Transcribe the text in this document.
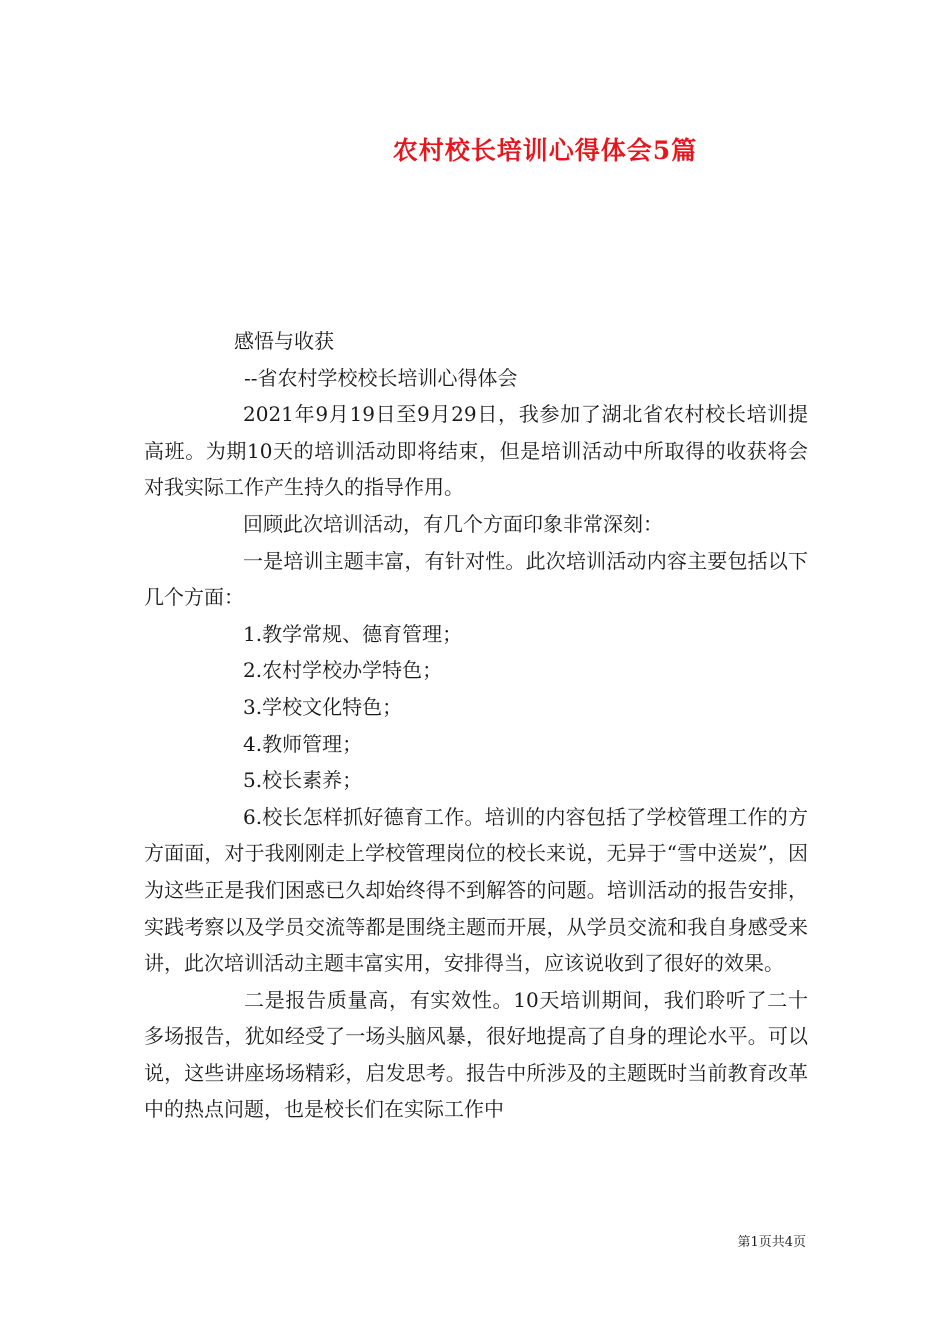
农村校长培训心得体会5篇

感悟与收获

--省农村学校校长培训心得体会

2021年9月19日至9月29日，我参加了湖北省农村校长培训提高班。为期10天的培训活动即将结束，但是培训活动中所取得的收获将会对我实际工作产生持久的指导作用。

回顾此次培训活动，有几个方面印象非常深刻：

一是培训主题丰富，有针对性。此次培训活动内容主要包括以下几个方面：

1.教学常规、德育管理；

2.农村学校办学特色；

3.学校文化特色；

4.教师管理；

5.校长素养；

6.校长怎样抓好德育工作。培训的内容包括了学校管理工作的方方面面，对于我刚刚走上学校管理岗位的校长来说，无异于“雪中送炭”，因为这些正是我们困惑已久却始终得不到解答的问题。培训活动的报告安排，实践考察以及学员交流等都是围绕主题而开展，从学员交流和我自身感受来讲，此次培训活动主题丰富实用，安排得当，应该说收到了很好的效果。

二是报告质量高，有实效性。10天培训期间，我们聆听了二十多场报告，犹如经受了一场头脑风暴，很好地提高了自身的理论水平。可以说，这些讲座场场精彩，启发思考。报告中所涉及的主题既时当前教育改革中的热点问题，也是校长们在实际工作中

第1页共4页
